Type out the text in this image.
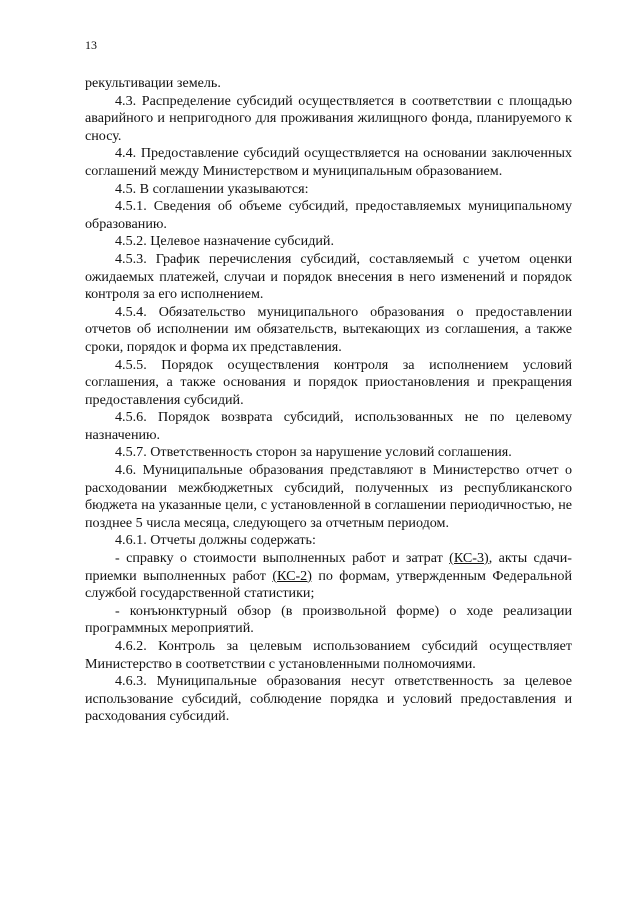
13

рекультивации земель.

4.3. Распределение субсидий осуществляется в соответствии с площадью аварийного и непригодного для проживания жилищного фонда, планируемого к сносу.

4.4. Предоставление субсидий осуществляется на основании заключенных соглашений между Министерством и муниципальным образованием.

4.5. В соглашении указываются:

4.5.1. Сведения об объеме субсидий, предоставляемых муниципальному образованию.

4.5.2. Целевое назначение субсидий.

4.5.3. График перечисления субсидий, составляемый с учетом оценки ожидаемых платежей, случаи и порядок внесения в него изменений и порядок контроля за его исполнением.

4.5.4. Обязательство муниципального образования о предоставлении отчетов об исполнении им обязательств, вытекающих из соглашения, а также сроки, порядок и форма их представления.

4.5.5. Порядок осуществления контроля за исполнением условий соглашения, а также основания и порядок приостановления и прекращения предоставления субсидий.

4.5.6. Порядок возврата субсидий, использованных не по целевому назначению.

4.5.7. Ответственность сторон за нарушение условий соглашения.

4.6. Муниципальные образования представляют в Министерство отчет о расходовании межбюджетных субсидий, полученных из республиканского бюджета на указанные цели, с установленной в соглашении периодичностью, не позднее 5 числа месяца, следующего за отчетным периодом.

4.6.1. Отчеты должны содержать:

- справку о стоимости выполненных работ и затрат (КС-3), акты сдачи-приемки выполненных работ (КС-2) по формам, утвержденным Федеральной службой государственной статистики;

- конъюнктурный обзор (в произвольной форме) о ходе реализации программных мероприятий.

4.6.2. Контроль за целевым использованием субсидий осуществляет Министерство в соответствии с установленными полномочиями.

4.6.3. Муниципальные образования несут ответственность за целевое использование субсидий, соблюдение порядка и условий предоставления и расходования субсидий.
